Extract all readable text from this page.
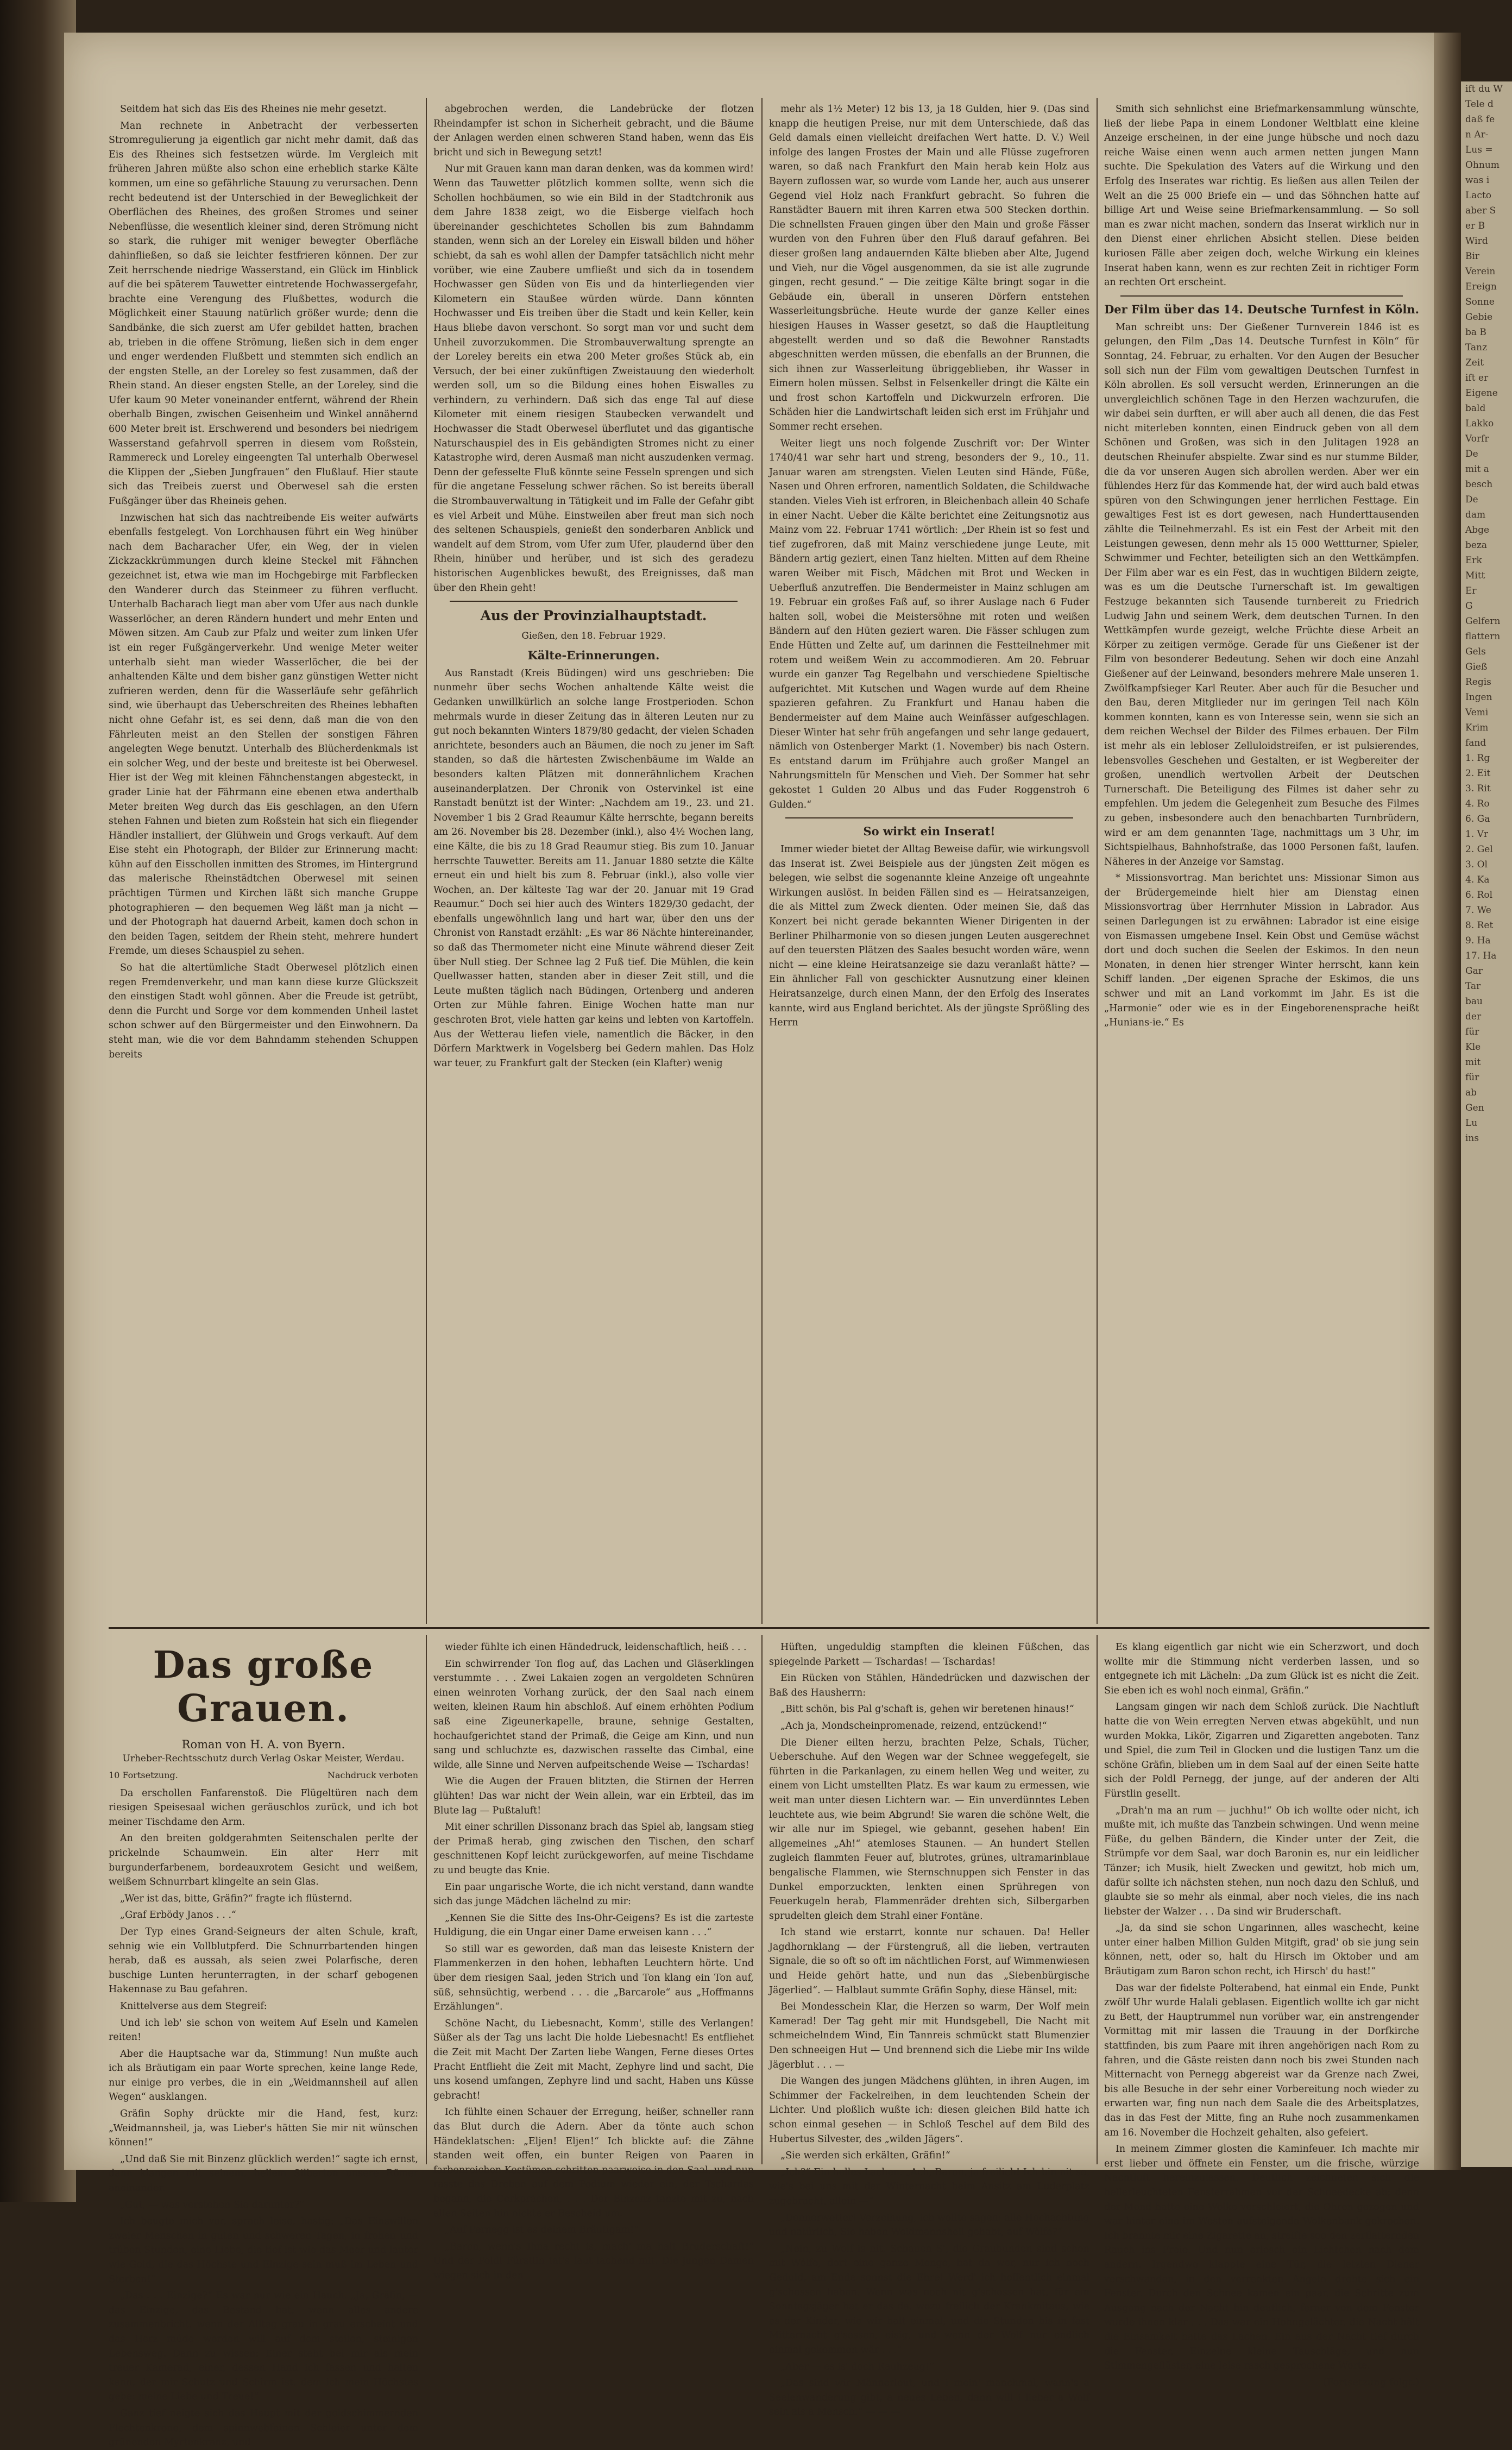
Seitdem hat sich das Eis des Rheines nie mehr gesetzt.

Man rechnete in Anbetracht der verbesserten Stromregulierung ja eigentlich gar nicht mehr damit, daß das Eis des Rheines sich festsetzen würde. Im Vergleich mit früheren Jahren müßte also schon eine erheblich starke Kälte kommen, um eine so gefährliche Stauung zu verursachen. Denn recht bedeutend ist der Unterschied in der Beweglichkeit der Oberflächen des Rheines, des großen Stromes und seiner Nebenflüsse, die wesentlich kleiner sind, deren Strömung nicht so stark, die ruhiger mit weniger bewegter Oberfläche dahinfließen, so daß sie leichter festfrieren können. Der zur Zeit herrschende niedrige Wasserstand, ein Glück im Hinblick auf die bei späterem Tauwetter eintretende Hochwassergefahr, brachte eine Verengung des Flußbettes, wodurch die Möglichkeit einer Stauung natürlich größer wurde; denn die Sandbänke, die sich zuerst am Ufer gebildet hatten, brachen ab, trieben in die offene Strömung, ließen sich in dem enger und enger werdenden Flußbett und stemmten sich endlich an der engsten Stelle, an der Loreley so fest zusammen, daß der Rhein stand. An dieser engsten Stelle, an der Loreley, sind die Ufer kaum 90 Meter voneinander entfernt, während der Rhein oberhalb Bingen, zwischen Geisenheim und Winkel annähernd 600 Meter breit ist. Erschwerend und besonders bei niedrigem Wasserstand gefahrvoll sperren in diesem vom Roßstein, Rammereck und Loreley eingeengten Tal unterhalb Oberwesel die Klippen der „Sieben Jungfrauen“ den Flußlauf. Hier staute sich das Treibeis zuerst und Oberwesel sah die ersten Fußgänger über das Rheineis gehen.

Inzwischen hat sich das nachtreibende Eis weiter aufwärts ebenfalls festgelegt. Von Lorchhausen führt ein Weg hinüber nach dem Bacharacher Ufer, ein Weg, der in vielen Zickzackkrümmungen durch kleine Steckel mit Fähnchen gezeichnet ist, etwa wie man im Hochgebirge mit Farbflecken den Wanderer durch das Steinmeer zu führen verflucht. Unterhalb Bacharach liegt man aber vom Ufer aus nach dunkle Wasserlöcher, an deren Rändern hundert und mehr Enten und Möwen sitzen. Am Caub zur Pfalz und weiter zum linken Ufer ist ein reger Fußgängerverkehr. Und wenige Meter weiter unterhalb sieht man wieder Wasserlöcher, die bei der anhaltenden Kälte und dem bisher ganz günstigen Wetter nicht zufrieren werden, denn für die Wasserläufe sehr gefährlich sind, wie überhaupt das Ueberschreiten des Rheines lebhaften nicht ohne Gefahr ist, es sei denn, daß man die von den Fährleuten meist an den Stellen der sonstigen Fähren angelegten Wege benutzt. Unterhalb des Blücherdenkmals ist ein solcher Weg, und der beste und breiteste ist bei Oberwesel. Hier ist der Weg mit kleinen Fähnchenstangen abgesteckt, in grader Linie hat der Fährmann eine ebenen etwa anderthalb Meter breiten Weg durch das Eis geschlagen, an den Ufern stehen Fahnen und bieten zum Roßstein hat sich ein fliegender Händler installiert, der Glühwein und Grogs verkauft. Auf dem Eise steht ein Photograph, der Bilder zur Erinnerung macht: kühn auf den Eisschollen inmitten des Stromes, im Hintergrund das malerische Rheinstädtchen Oberwesel mit seinen prächtigen Türmen und Kirchen läßt sich manche Gruppe photographieren — den bequemen Weg läßt man ja nicht — und der Photograph hat dauernd Arbeit, kamen doch schon in den beiden Tagen, seitdem der Rhein steht, mehrere hundert Fremde, um dieses Schauspiel zu sehen.

So hat die altertümliche Stadt Oberwesel plötzlich einen regen Fremdenverkehr, und man kann diese kurze Glückszeit den einstigen Stadt wohl gönnen. Aber die Freude ist getrübt, denn die Furcht und Sorge vor dem kommenden Unheil lastet schon schwer auf den Bürgermeister und den Einwohnern. Da steht man, wie die vor dem Bahndamm stehenden Schuppen bereits

abgebrochen werden, die Landebrücke der flotzen Rheindampfer ist schon in Sicherheit gebracht, und die Bäume der Anlagen werden einen schweren Stand haben, wenn das Eis bricht und sich in Bewegung setzt!

Nur mit Grauen kann man daran denken, was da kommen wird! Wenn das Tauwetter plötzlich kommen sollte, wenn sich die Schollen hochbäumen, so wie ein Bild in der Stadtchronik aus dem Jahre 1838 zeigt, wo die Eisberge vielfach hoch übereinander geschichtetes Schollen bis zum Bahndamm standen, wenn sich an der Loreley ein Eiswall bilden und höher schiebt, da sah es wohl allen der Dampfer tatsächlich nicht mehr vorüber, wie eine Zaubere umfließt und sich da in tosendem Hochwasser gen Süden von Eis und da hinterliegenden vier Kilometern ein Staußee würden würde. Dann könnten Hochwasser und Eis treiben über die Stadt und kein Keller, kein Haus bliebe davon verschont. So sorgt man vor und sucht dem Unheil zuvorzukommen. Die Strombauverwaltung sprengte an der Loreley bereits ein etwa 200 Meter großes Stück ab, ein Versuch, der bei einer zukünftigen Zweistauung den wiederholt werden soll, um so die Bildung eines hohen Eiswalles zu verhindern, zu verhindern. Daß sich das enge Tal auf diese Kilometer mit einem riesigen Staubecken verwandelt und Hochwasser die Stadt Oberwesel überflutet und das gigantische Naturschauspiel des in Eis gebändigten Stromes nicht zu einer Katastrophe wird, deren Ausmaß man nicht auszudenken vermag. Denn der gefesselte Fluß könnte seine Fesseln sprengen und sich für die angetane Fesselung schwer rächen. So ist bereits überall die Strombauverwaltung in Tätigkeit und im Falle der Gefahr gibt es viel Arbeit und Mühe. Einstweilen aber freut man sich noch des seltenen Schauspiels, genießt den sonderbaren Anblick und wandelt auf dem Strom, vom Ufer zum Ufer, plaudernd über den Rhein, hinüber und herüber, und ist sich des geradezu historischen Augenblickes bewußt, des Ereignisses, daß man über den Rhein geht!

Aus der Provinzialhauptstadt.

Gießen, den 18. Februar 1929.

Kälte-Erinnerungen.

Aus Ranstadt (Kreis Büdingen) wird uns geschrieben: Die nunmehr über sechs Wochen anhaltende Kälte weist die Gedanken unwillkürlich an solche lange Frostperioden. Schon mehrmals wurde in dieser Zeitung das in älteren Leuten nur zu gut noch bekannten Winters 1879/80 gedacht, der vielen Schaden anrichtete, besonders auch an Bäumen, die noch zu jener im Saft standen, so daß die härtesten Zwischenbäume im Walde an besonders kalten Plätzen mit donnerähnlichem Krachen auseinanderplatzen. Der Chronik von Ostervinkel ist eine Ranstadt benützt ist der Winter: „Nachdem am 19., 23. und 21. November 1 bis 2 Grad Reaumur Kälte herrschte, begann bereits am 26. November bis 28. Dezember (inkl.), also 4½ Wochen lang, eine Kälte, die bis zu 18 Grad Reaumur stieg. Bis zum 10. Januar herrschte Tauwetter. Bereits am 11. Januar 1880 setzte die Kälte erneut ein und hielt bis zum 8. Februar (inkl.), also volle vier Wochen, an. Der kälteste Tag war der 20. Januar mit 19 Grad Reaumur.“ Doch sei hier auch des Winters 1829/30 gedacht, der ebenfalls ungewöhnlich lang und hart war, über den uns der Chronist von Ranstadt erzählt: „Es war 86 Nächte hintereinander, so daß das Thermometer nicht eine Minute während dieser Zeit über Null stieg. Der Schnee lag 2 Fuß tief. Die Mühlen, die kein Quellwasser hatten, standen aber in dieser Zeit still, und die Leute mußten täglich nach Büdingen, Ortenberg und anderen Orten zur Mühle fahren. Einige Wochen hatte man nur geschroten Brot, viele hatten gar keins und lebten von Kartoffeln. Aus der Wetterau liefen viele, namentlich die Bäcker, in den Dörfern Marktwerk in Vogelsberg bei Gedern mahlen. Das Holz war teuer, zu Frankfurt galt der Stecken (ein Klafter) wenig

mehr als 1½ Meter) 12 bis 13, ja 18 Gulden, hier 9. (Das sind knapp die heutigen Preise, nur mit dem Unterschiede, daß das Geld damals einen vielleicht dreifachen Wert hatte. D. V.) Weil infolge des langen Frostes der Main und alle Flüsse zugefroren waren, so daß nach Frankfurt den Main herab kein Holz aus Bayern zuflossen war, so wurde vom Lande her, auch aus unserer Gegend viel Holz nach Frankfurt gebracht. So fuhren die Ranstädter Bauern mit ihren Karren etwa 500 Stecken dorthin. Die schnellsten Frauen gingen über den Main und große Fässer wurden von den Fuhren über den Fluß darauf gefahren. Bei dieser großen lang andauernden Kälte blieben aber Alte, Jugend und Vieh, nur die Vögel ausgenommen, da sie ist alle zugrunde gingen, recht gesund.“ — Die zeitige Kälte bringt sogar in die Gebäude ein, überall in unseren Dörfern entstehen Wasserleitungsbrüche. Heute wurde der ganze Keller eines hiesigen Hauses in Wasser gesetzt, so daß die Hauptleitung abgestellt werden und so daß die Bewohner Ranstadts abgeschnitten werden müssen, die ebenfalls an der Brunnen, die sich ihnen zur Wasserleitung übriggeblieben, ihr Wasser in Eimern holen müssen. Selbst in Felsenkeller dringt die Kälte ein und frost schon Kartoffeln und Dickwurzeln erfroren. Die Schäden hier die Landwirtschaft leiden sich erst im Frühjahr und Sommer recht ersehen.

Weiter liegt uns noch folgende Zuschrift vor: Der Winter 1740/41 war sehr hart und streng, besonders der 9., 10., 11. Januar waren am strengsten. Vielen Leuten sind Hände, Füße, Nasen und Ohren erfroren, namentlich Soldaten, die Schildwache standen. Vieles Vieh ist erfroren, in Bleichenbach allein 40 Schafe in einer Nacht. Ueber die Kälte berichtet eine Zeitungsnotiz aus Mainz vom 22. Februar 1741 wörtlich: „Der Rhein ist so fest und tief zugefroren, daß mit Mainz verschiedene junge Leute, mit Bändern artig geziert, einen Tanz hielten. Mitten auf dem Rheine waren Weiber mit Fisch, Mädchen mit Brot und Wecken in Ueberfluß anzutreffen. Die Bendermeister in Mainz schlugen am 19. Februar ein großes Faß auf, so ihrer Auslage nach 6 Fuder halten soll, wobei die Meistersöhne mit roten und weißen Bändern auf den Hüten geziert waren. Die Fässer schlugen zum Ende Hütten und Zelte auf, um darinnen die Festteilnehmer mit rotem und weißem Wein zu accommodieren. Am 20. Februar wurde ein ganzer Tag Regelbahn und verschiedene Spieltische aufgerichtet. Mit Kutschen und Wagen wurde auf dem Rheine spazieren gefahren. Zu Frankfurt und Hanau haben die Bendermeister auf dem Maine auch Weinfässer aufgeschlagen. Dieser Winter hat sehr früh angefangen und sehr lange gedauert, nämlich von Ostenberger Markt (1. November) bis nach Ostern. Es entstand darum im Frühjahre auch großer Mangel an Nahrungsmitteln für Menschen und Vieh. Der Sommer hat sehr gekostet 1 Gulden 20 Albus und das Fuder Roggenstroh 6 Gulden.“

So wirkt ein Inserat!

Immer wieder bietet der Alltag Beweise dafür, wie wirkungsvoll das Inserat ist. Zwei Beispiele aus der jüngsten Zeit mögen es belegen, wie selbst die sogenannte kleine Anzeige oft ungeahnte Wirkungen auslöst. In beiden Fällen sind es — Heiratsanzeigen, die als Mittel zum Zweck dienten. Oder meinen Sie, daß das Konzert bei nicht gerade bekannten Wiener Dirigenten in der Berliner Philharmonie von so diesen jungen Leuten ausgerechnet auf den teuersten Plätzen des Saales besucht worden wäre, wenn nicht — eine kleine Heiratsanzeige sie dazu veranlaßt hätte? — Ein ähnlicher Fall von geschickter Ausnutzung einer kleinen Heiratsanzeige, durch einen Mann, der den Erfolg des Inserates kannte, wird aus England berichtet. Als der jüngste Sprößling des Herrn

Smith sich sehnlichst eine Briefmarkensammlung wünschte, ließ der liebe Papa in einem Londoner Weltblatt eine kleine Anzeige erscheinen, in der eine junge hübsche und noch dazu reiche Waise einen wenn auch armen netten jungen Mann suchte. Die Spekulation des Vaters auf die Wirkung und den Erfolg des Inserates war richtig. Es ließen aus allen Teilen der Welt an die 25 000 Briefe ein — und das Söhnchen hatte auf billige Art und Weise seine Briefmarkensammlung. — So soll man es zwar nicht machen, sondern das Inserat wirklich nur in den Dienst einer ehrlichen Absicht stellen. Diese beiden kuriosen Fälle aber zeigen doch, welche Wirkung ein kleines Inserat haben kann, wenn es zur rechten Zeit in richtiger Form an rechten Ort erscheint.

Der Film über das 14. Deutsche Turnfest in Köln.

Man schreibt uns: Der Gießener Turnverein 1846 ist es gelungen, den Film „Das 14. Deutsche Turnfest in Köln“ für Sonntag, 24. Februar, zu erhalten. Vor den Augen der Besucher soll sich nun der Film vom gewaltigen Deutschen Turnfest in Köln abrollen. Es soll versucht werden, Erinnerungen an die unvergleichlich schönen Tage in den Herzen wachzurufen, die wir dabei sein durften, er will aber auch all denen, die das Fest nicht miterleben konnten, einen Eindruck geben von all dem Schönen und Großen, was sich in den Julitagen 1928 an deutschen Rheinufer abspielte. Zwar sind es nur stumme Bilder, die da vor unseren Augen sich abrollen werden. Aber wer ein fühlendes Herz für das Kommende hat, der wird auch bald etwas spüren von den Schwingungen jener herrlichen Festtage. Ein gewaltiges Fest ist es dort gewesen, nach Hunderttausenden zählte die Teilnehmerzahl. Es ist ein Fest der Arbeit mit den Leistungen gewesen, denn mehr als 15 000 Wettturner, Spieler, Schwimmer und Fechter, beteiligten sich an den Wettkämpfen. Der Film aber war es ein Fest, das in wuchtigen Bildern zeigte, was es um die Deutsche Turnerschaft ist. Im gewaltigen Festzuge bekannten sich Tausende turnbereit zu Friedrich Ludwig Jahn und seinem Werk, dem deutschen Turnen. In den Wettkämpfen wurde gezeigt, welche Früchte diese Arbeit an Körper zu zeitigen vermöge. Gerade für uns Gießener ist der Film von besonderer Bedeutung. Sehen wir doch eine Anzahl Gießener auf der Leinwand, besonders mehrere Male unseren 1. Zwölfkampfsieger Karl Reuter. Aber auch für die Besucher und den Bau, deren Mitglieder nur im geringen Teil nach Köln kommen konnten, kann es von Interesse sein, wenn sie sich an dem reichen Wechsel der Bilder des Filmes erbauen. Der Film ist mehr als ein lebloser Zelluloidstreifen, er ist pulsierendes, lebensvolles Geschehen und Gestalten, er ist Wegbereiter der großen, unendlich wertvollen Arbeit der Deutschen Turnerschaft. Die Beteiligung des Filmes ist daher sehr zu empfehlen. Um jedem die Gelegenheit zum Besuche des Filmes zu geben, insbesondere auch den benachbarten Turnbrüdern, wird er am dem genannten Tage, nachmittags um 3 Uhr, im Sichtspielhaus, Bahnhofstraße, das 1000 Personen faßt, laufen. Näheres in der Anzeige vor Samstag.

* Missionsvortrag. Man berichtet uns: Missionar Simon aus der Brüdergemeinde hielt hier am Dienstag einen Missionsvortrag über Herrnhuter Mission in Labrador. Aus seinen Darlegungen ist zu erwähnen: Labrador ist eine eisige von Eismassen umgebene Insel. Kein Obst und Gemüse wächst dort und doch suchen die Seelen der Eskimos. In den neun Monaten, in denen hier strenger Winter herrscht, kann kein Schiff landen. „Der eigenen Sprache der Eskimos, die uns schwer und mit an Land vorkommt im Jahr. Es ist die „Harmonie“ oder wie es in der Eingeborenensprache heißt „Hunians-ie.“ Es

Das große Grauen.
Roman von H. A. von Byern.
Urheber-Rechtsschutz durch Verlag Oskar Meister, Werdau.
10 Fortsetzung.	Nachdruck verboten

Da erschollen Fanfarenstoß. Die Flügeltüren nach dem riesigen Speisesaal wichen geräuschlos zurück, und ich bot meiner Tischdame den Arm.

An den breiten goldgerahmten Seitenschalen perlte der prickelnde Schaumwein. Ein alter Herr mit burgunderfarbenem, bordeauxrotem Gesicht und weißem, weißem Schnurrbart klingelte an sein Glas.

„Wer ist das, bitte, Gräfin?“ fragte ich flüsternd.

„Graf Erbödy Janos . . .“

Der Typ eines Grand-Seigneurs der alten Schule, kraft, sehnig wie ein Vollblutpferd. Die Schnurrbartenden hingen herab, daß es aussah, als seien zwei Polarfische, deren buschige Lunten herunterragten, in der scharf gebogenen Hakennase zu Bau gefahren.

Knittelverse aus dem Stegreif:

Und ich leb' sie schon von weitem Auf Eseln und Kamelen reiten!

Aber die Hauptsache war da, Stimmung! Nun mußte auch ich als Bräutigam ein paar Worte sprechen, keine lange Rede, nur einige pro verbes, die in ein „Weidmannsheil auf allen Wegen“ ausklangen.

Gräfin Sophy drückte mir die Hand, fest, kurz: „Weidmannsheil, ja, was Lieber's hätten Sie mir nit wünschen können!“

„Und daß Sie mit Binzenz glücklich werden!“ sagte ich ernst, dann klangen mit seinem, hellem Silberton unsere Römer aneinander.

„Gut, — was verstehen Sie darunter?“

Ich beugte mich vor, sprach leise, hastig: „Das Einswillen zweier Menschen in guten und schweren Tagen, in frohen und trüben Stunden, eine Liebe, die tief ist wie das Meer und lauter wie Gold, die das Höchste und Einzige sein muß im Leben und Sterben!“

„Das . . . Einzige?“ Es war nur wie ein Hauch. „Ja, Gräfin, — das Einzige, das Bestand hat, wenn alles andere zusammenbricht, wenn der Alltag grau in grau erscheint und das Herz müde werden will auf dem steilen, steinigen Lebensweg. Dann zu wissen: Einer steht bei mir als mein treuer Kamerad, einer, dessen Hand ich fassen und halten kann, der mir Schutz und Schirm ist, dem ich mein Höchstes gebe: meine Liebe und Treue!“

Ganz tief neigte sich das Haupt mit der goldschimmernden Flechtenkrone, dem spinnwebfeinen Schleier unter dem grünenden Myrtenkranz, und

wieder fühlte ich einen Händedruck, leidenschaftlich, heiß . . .

Ein schwirrender Ton flog auf, das Lachen und Gläserklingen verstummte . . . Zwei Lakaien zogen an vergoldeten Schnüren einen weinroten Vorhang zurück, der den Saal nach einem weiten, kleinen Raum hin abschloß. Auf einem erhöhten Podium saß eine Zigeunerkapelle, braune, sehnige Gestalten, hochaufgerichtet stand der Primaß, die Geige am Kinn, und nun sang und schluchzte es, dazwischen rasselte das Cimbal, eine wilde, alle Sinne und Nerven aufpeitschende Weise — Tschardas!

Wie die Augen der Frauen blitzten, die Stirnen der Herren glühten! Das war nicht der Wein allein, war ein Erbteil, das im Blute lag — Pußtaluft!

Mit einer schrillen Dissonanz brach das Spiel ab, langsam stieg der Primaß herab, ging zwischen den Tischen, den scharf geschnittenen Kopf leicht zurückgeworfen, auf meine Tischdame zu und beugte das Knie.

Ein paar ungarische Worte, die ich nicht verstand, dann wandte sich das junge Mädchen lächelnd zu mir:

„Kennen Sie die Sitte des Ins-Ohr-Geigens? Es ist die zarteste Huldigung, die ein Ungar einer Dame erweisen kann . . .“

So still war es geworden, daß man das leiseste Knistern der Flammenkerzen in den hohen, lebhaften Leuchtern hörte. Und über dem riesigen Saal, jeden Strich und Ton klang ein Ton auf, süß, sehnsüchtig, werbend . . . die „Barcarole“ aus „Hoffmanns Erzählungen“.

Schöne Nacht, du Liebesnacht, Komm', stille des Verlangen! Süßer als der Tag uns lacht Die holde Liebesnacht! Es entfliehet die Zeit mit Macht Der Zarten liebe Wangen, Ferne dieses Ortes Pracht Entflieht die Zeit mit Macht, Zephyre lind und sacht, Die uns kosend umfangen, Zephyre lind und sacht, Haben uns Küsse gebracht!

Ich fühlte einen Schauer der Erregung, heißer, schneller rann das Blut durch die Adern. Aber da tönte auch schon Händeklatschen: „Eljen! Eljen!“ Ich blickte auf: die Zähne standen weit offen, ein bunter Reigen von Paaren in farbenreichen Kostümen schritten paarweise in den Saal, und nun rasste das Dreben auf dem Podium wieder ein, der Tschardas begann, die Cerkprächen, . . . Der Binzenz tanzte mit zu, nach allen Seiten hin nickte er Bescheid um.

„Auf Pernegg ist es deinem Bräutigam!“

„Baron, wenn's Ihna recht is, mach' ma halt Bruderschaft!“ Und der Poldl Fürstlin tat's laut lachend mit. Die jungen Damen wiegen sich in den

Hüften, ungeduldig stampften die kleinen Füßchen, das spiegelnde Parkett — Tschardas! — Tschardas!

Ein Rücken von Stählen, Händedrücken und dazwischen der Baß des Hausherrn:

„Bitt schön, bis Pal g'schaft is, gehen wir beretenen hinaus!“

„Ach ja, Mondscheinpromenade, reizend, entzückend!“

Die Diener eilten herzu, brachten Pelze, Schals, Tücher, Ueberschuhe. Auf den Wegen war der Schnee weggefegelt, sie führten in die Parkanlagen, zu einem hellen Weg und weiter, zu einem von Licht umstellten Platz. Es war kaum zu ermessen, wie weit man unter diesen Lichtern war. — Ein unverdünntes Leben leuchtete aus, wie beim Abgrund! Sie waren die schöne Welt, die wir alle nur im Spiegel, wie gebannt, gesehen haben! Ein allgemeines „Ah!“ atemloses Staunen. — An hundert Stellen zugleich flammten Feuer auf, blutrotes, grünes, ultramarinblaue bengalische Flammen, wie Sternschnuppen sich Fenster in das Dunkel emporzuckten, lenkten einen Sprühregen von Feuerkugeln herab, Flammenräder drehten sich, Silbergarben sprudelten gleich dem Strahl einer Fontäne.

Ich stand wie erstarrt, konnte nur schauen. Da! Heller Jagdhornklang — der Fürstengruß, all die lieben, vertrauten Signale, die so oft so oft im nächtlichen Forst, auf Wimmenwiesen und Heide gehört hatte, und nun das „Siebenbürgische Jägerlied“. — Halblaut summte Gräfin Sophy, diese Hänsel, mit:

Bei Mondesschein Klar, die Herzen so warm, Der Wolf mein Kamerad! Der Tag geht mir mit Hundsgebell, Die Nacht mit schmeichelndem Wind, Ein Tannreis schmückt statt Blumenzier Den schneeigen Hut — Und brennend sich die Liebe mir Ins wilde Jägerblut . . . —

Die Wangen des jungen Mädchens glühten, in ihren Augen, im Schimmer der Fackelreihen, in dem leuchtenden Schein der Lichter. Und ploßlich wußte ich: diesen gleichen Bild hatte ich schon einmal gesehen — in Schloß Teschel auf dem Bild des Hubertus Silvester, des „wilden Jägers“.

„Sie werden sich erkälten, Gräfin!“

„Ich?“ Ein helles Lachen. „Ach, Baron, ja freilich! Ich bin nit so, wie's bei uns mit der Winternacht beim Ansitz am Luderplatz zugebracht, allein —“

„Donnerwetter! Verzeihung, ich wollte sagen: alle Hochachtung und natürlich, Sie haben Weidmannsheil gehabt, auf Wölfe?“

„Nein, zu Wolf is nit. Schauen S', die Graubunden sind schon mit Wölfe, dort eine ganze Menge, hat da wer, nur ich noch Geduld, am Ende sonnst die Ehre! Werd' ich hoffentlich einmal g'schossen haben. Wenn was noch nit g'schossen hat, für ein Sonntagsjäger hat er das da, wozu freilich der Krankmitaus, wie es der Kinder, wie wir halt einmal, und die Stunden bis in fast Mitternacht g'sessen, eisig, und wenn der Wolf nur endlich einmal gekommen wär . . .“

„Aber — es is' doch Rauhzeug!“

„Das sind wir Männerleut, und i mein' manchmal, wann's a Seelenwanderung gibt, a neues Leben, dann will i lieber a Wolf sein als a Mensch.“ — — —

Es klang eigentlich gar nicht wie ein Scherzwort, und doch wollte mir die Stimmung nicht verderben lassen, und so entgegnete ich mit Lächeln: „Da zum Glück ist es nicht die Zeit. Sie eben ich es wohl noch einmal, Gräfin.“

Langsam gingen wir nach dem Schloß zurück. Die Nachtluft hatte die von Wein erregten Nerven etwas abgekühlt, und nun wurden Mokka, Likör, Zigarren und Zigaretten angeboten. Tanz und Spiel, die zum Teil in Glocken und die lustigen Tanz um die schöne Gräfin, blieben um in dem Saal auf der einen Seite hatte sich der Poldl Pernegg, der junge, auf der anderen der Alti Fürstlin gesellt.

„Drah'n ma an rum — juchhu!“ Ob ich wollte oder nicht, ich mußte mit, ich mußte das Tanzbein schwingen. Und wenn meine Füße, du gelben Bändern, die Kinder unter der Zeit, die Strümpfe vor dem Saal, war doch Baronin es, nur ein leidlicher Tänzer; ich Musik, hielt Zwecken und gewitzt, hob mich um, dafür sollte ich nächsten stehen, nun noch dazu den Schluß, und glaubte sie so mehr als einmal, aber noch vieles, die ins nach liebster der Walzer . . . Da sind wir Bruderschaft.

„Ja, da sind sie schon Ungarinnen, alles waschecht, keine unter einer halben Million Gulden Mitgift, grad' ob sie jung sein können, nett, oder so, halt du Hirsch im Oktober und am Bräutigam zum Baron schon recht, ich Hirsch' du hast!“

Das war der fidelste Polterabend, hat einmal ein Ende, Punkt zwölf Uhr wurde Halali geblasen. Eigentlich wollte ich gar nicht zu Bett, der Hauptrummel nun vorüber war, ein anstrengender Vormittag mit mir lassen die Trauung in der Dorfkirche stattfinden, bis zum Paare mit ihren angehörigen nach Rom zu fahren, und die Gäste reisten dann noch bis zwei Stunden nach Mitternacht von Pernegg abgereist war da Grenze nach Zwei, bis alle Besuche in der sehr einer Vorbereitung noch wieder zu erwarten war, fing nun nach dem Saale die des Arbeitsplatzes, das in das Fest der Mitte, fing an Ruhe noch zusammenkamen am 16. November die Hochzeit gehalten, also gefeiert.

In meinem Zimmer glosten die Kaminfeuer. Ich machte mir erst lieber und öffnete ein Fenster, um die frische, würzige Nachtluft hereinzulassen. Deutlich zeichneten sich die hellerleuchteten Fensterrahmen vor der Schneedecke ab; denn der Mond hatte eine Wolke verschleiert, die Ohren gezogen und war hinter eine im Westen aufsteigende Wolkenbank gekrochen. Ich brannte mir eine Zigarette an, streifte soo den zerflatternden Rauch ins Freie. Und nun erlosch ein Lichtchen nach dem andern. Irgendwo klappte eine Tür, die letzten Diener verschwanden, in den verrenkten Angeln drehte sich ein Fenster. Durch den Schnee kamen ein paar, die Schritte zum Ausgang nach der Nacht hin deutlich, ferner von dem Fenster wurde ihnen klar . . . Das war ein Hohngelächter, die Nacht hält die Einsamkeit hatte das Lachen. Ein aus der Nacht tief durch die Fenster, Einzelne kleine Tauschläge, und nun Stimmengeflüster, eine leise rasch gesprochene Worte.

(Fortsetzung folgt.)

ift du W
Tele d
daß fe
n Ar-
Lus =
Ohnum
was i
Lacto
aber S
er B
Wird
Bir
Verein
Ereign
Sonne
Gebie
ba B
Tanz
Zeit
ift er
Eigene
bald
Lakko
Vorfr
De
mit a
besch
De
dam
Abge
beza
Erk
Mitt
Er
G
Gelfern
flattern
Gels
Gieß
Regis
Ingen
Vemi
Krim
fand
1. Rg
2. Eit
3. Rit
4. Ro
6. Ga
1. Vr
2. Gel
3. Ol
4. Ka
6. Rol
7. We
8. Ret
9. Ha
17. Ha
Gar
Tar
bau
der
für
Kle
mit
für
ab
Gen
Lu
ins
